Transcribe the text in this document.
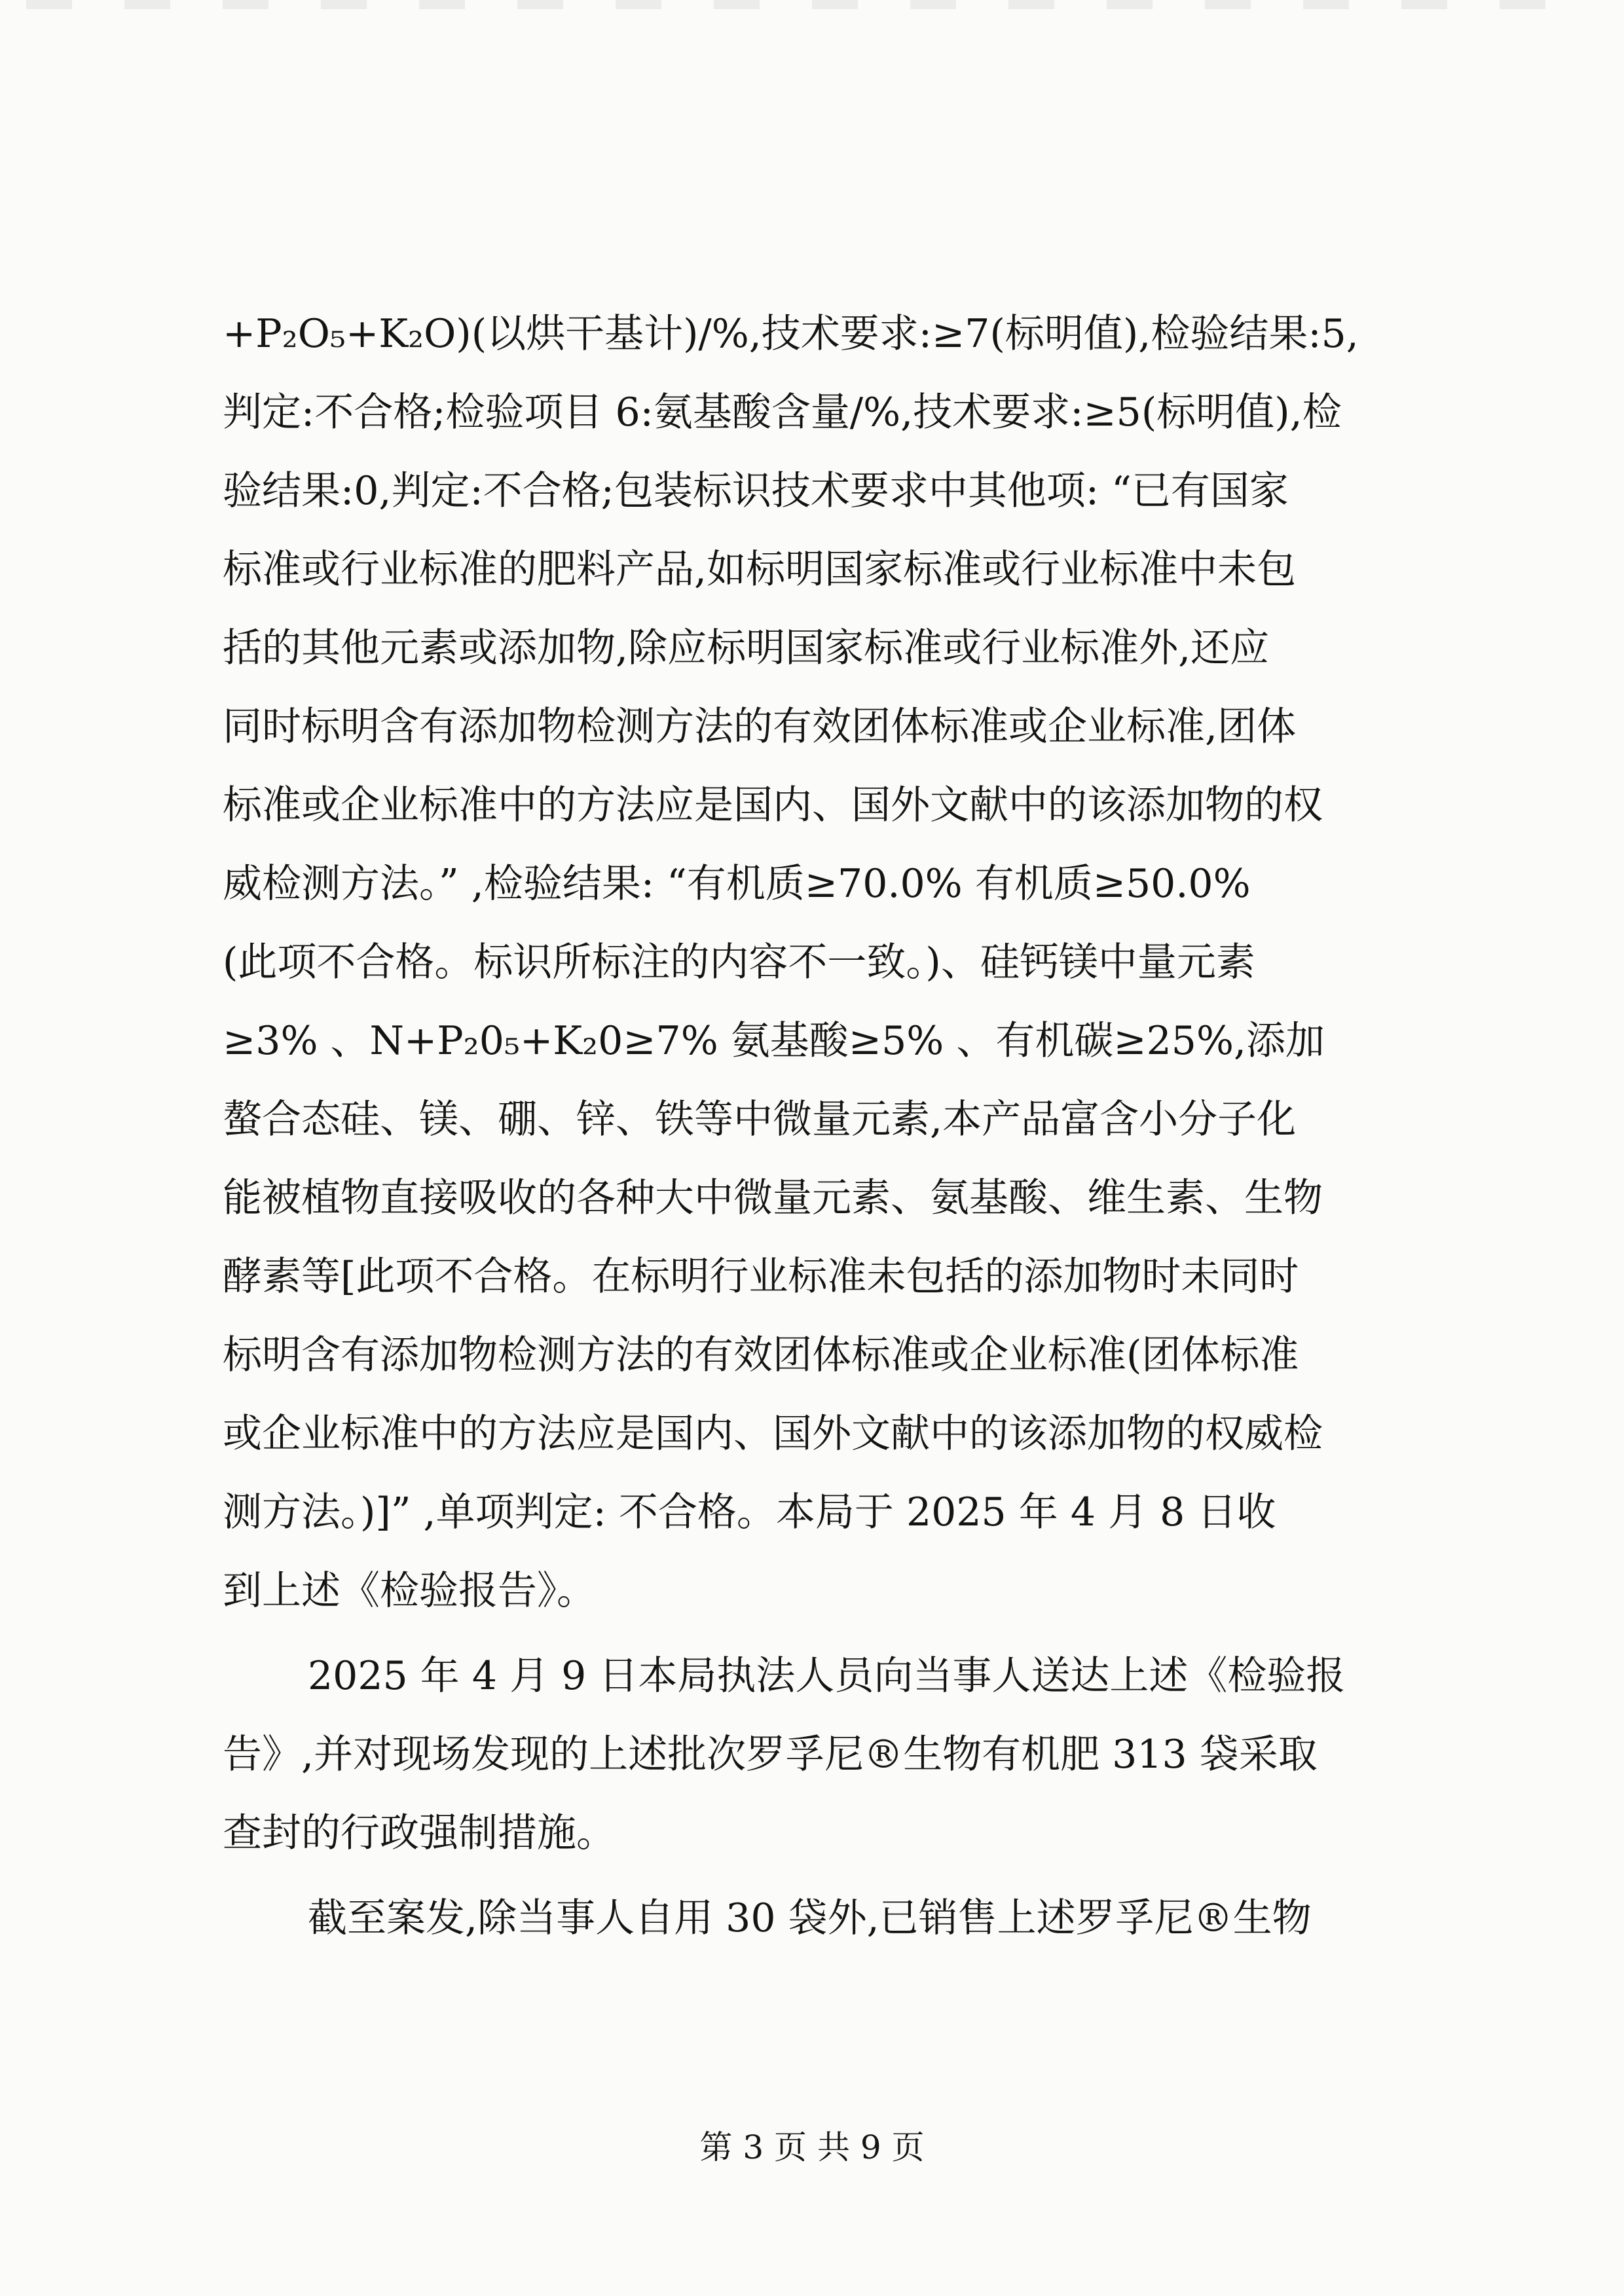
+P₂O₅+K₂O)(以烘干基计)/%,技术要求:≥7(标明值),检验结果:5,
判定:不合格;检验项目 6:氨基酸含量/%,技术要求:≥5(标明值),检
验结果:0,判定:不合格;包装标识技术要求中其他项: “已有国家
标准或行业标准的肥料产品,如标明国家标准或行业标准中未包
括的其他元素或添加物,除应标明国家标准或行业标准外,还应
同时标明含有添加物检测方法的有效团体标准或企业标准,团体
标准或企业标准中的方法应是国内、国外文献中的该添加物的权
威检测方法。” ,检验结果: “有机质≥70.0% 有机质≥50.0%
(此项不合格。标识所标注的内容不一致。)、硅钙镁中量元素
≥3% 、N+P₂0₅+K₂0≥7% 氨基酸≥5% 、有机碳≥25%,添加
螯合态硅、镁、硼、锌、铁等中微量元素,本产品富含小分子化
能被植物直接吸收的各种大中微量元素、氨基酸、维生素、生物
酵素等[此项不合格。在标明行业标准未包括的添加物时未同时
标明含有添加物检测方法的有效团体标准或企业标准(团体标准
或企业标准中的方法应是国内、国外文献中的该添加物的权威检
测方法。)]” ,单项判定: 不合格。本局于 2025 年 4 月 8 日收
到上述《检验报告》。
2025 年 4 月 9 日本局执法人员向当事人送达上述《检验报
告》,并对现场发现的上述批次罗孚尼®生物有机肥 313 袋采取
查封的行政强制措施。
截至案发,除当事人自用 30 袋外,已销售上述罗孚尼®生物
第 3 页 共 9 页
